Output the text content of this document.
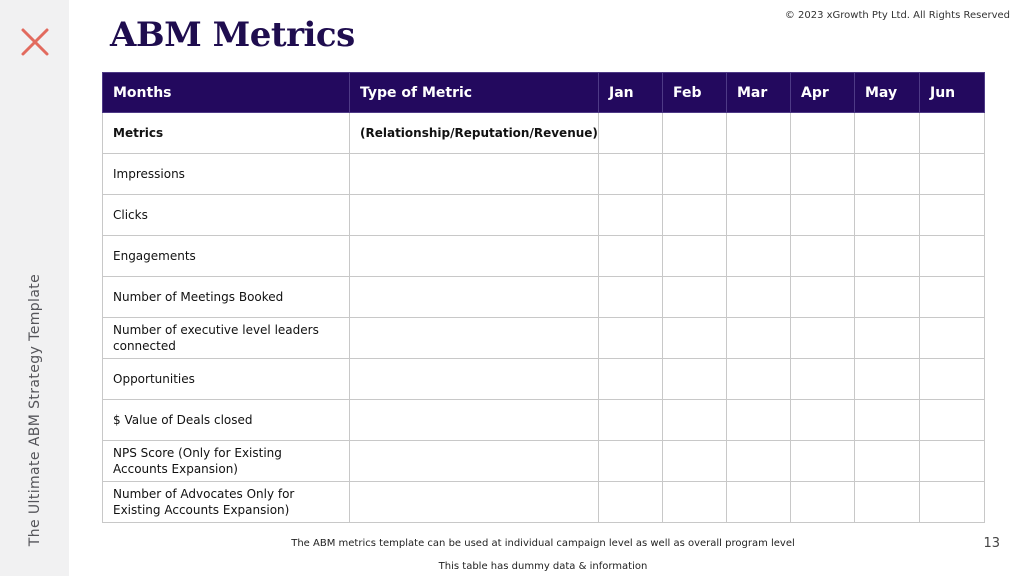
The Ultimate ABM Strategy Template
© 2023 xGrowth Pty Ltd. All Rights Reserved
ABM Metrics
Months	Type of Metric	Jan	Feb	Mar	Apr	May	Jun
Metrics	(Relationship/Reputation/Revenue)						
Impressions							
Clicks							
Engagements							
Number of Meetings Booked							
Number of executive level leaders connected							
Opportunities							
$ Value of Deals closed							
NPS Score (Only for Existing Accounts Expansion)							
Number of Advocates Only for Existing Accounts Expansion)							

The ABM metrics template can be used at individual campaign level as well as overall program level

This table has dummy data & information

13
